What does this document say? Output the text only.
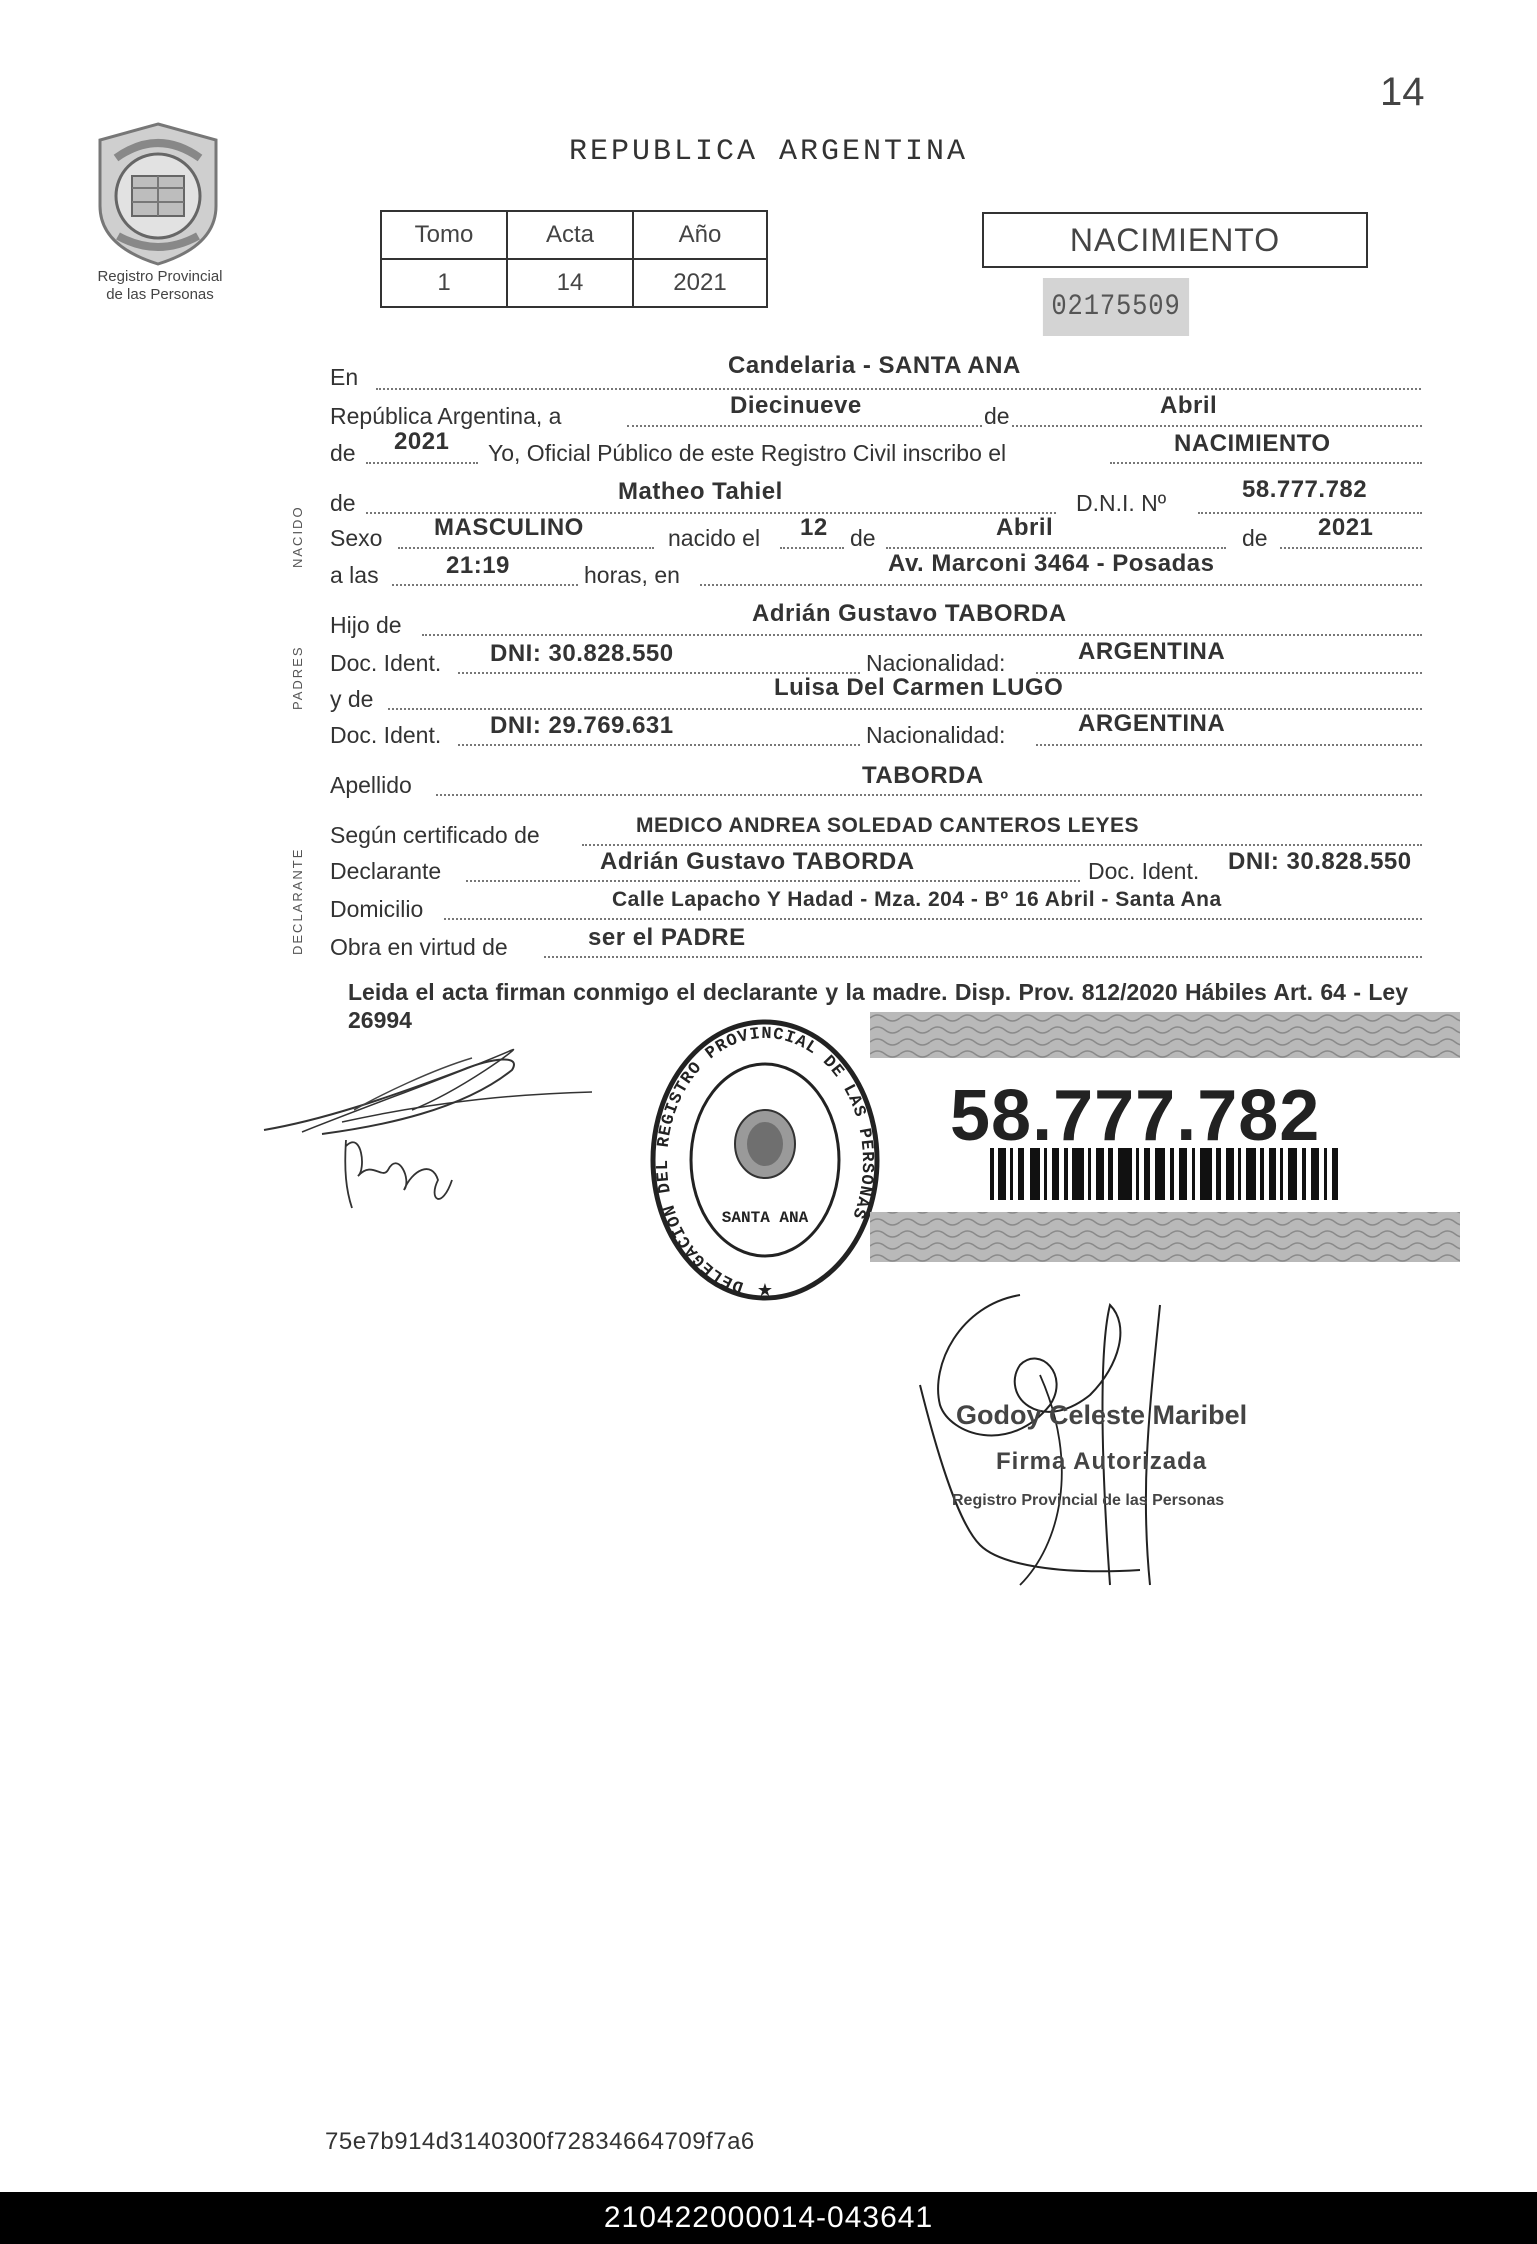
14
Registro Provincial
de las Personas
REPUBLICA ARGENTINA
Tomo	Acta	Año
1	14	2021
NACIMIENTO
02175509
NACIDO
PADRES
DECLARANTE
En	Candelaria - SANTA ANA
República Argentina, a	Diecinueve	de	Abril
de 2021 Yo, Oficial Público de este Registro Civil inscribo el	NACIMIENTO
de	Matheo Tahiel	D.N.I. Nº	58.777.782
Sexo MASCULINO	nacido el 12 de	Abril	de 2021
a las	21:19	horas, en	Av. Marconi 3464 - Posadas
Hijo de	Adrián Gustavo TABORDA
Doc. Ident. DNI: 30.828.550	Nacionalidad:	ARGENTINA
y de	Luisa Del Carmen LUGO
Doc. Ident. DNI: 29.769.631	Nacionalidad:	ARGENTINA
Apellido	TABORDA
Según certificado de	MEDICO ANDREA SOLEDAD CANTEROS LEYES
Declarante	Adrián Gustavo TABORDA	Doc. Ident. DNI: 30.828.550
Domicilio	Calle Lapacho Y Hadad - Mza. 204 - Bº 16 Abril - Santa Ana
Obra en virtud de	ser el PADRE
Leida el acta firman conmigo el declarante y la madre. Disp. Prov. 812/2020 Hábiles Art. 64 - Ley 26994
DELEGACION DEL REGISTRO PROVINCIAL DE LAS PERSONAS
SANTA ANA
★
58.777.782
Godoy Celeste Maribel
Firma Autorizada
Registro Provincial de las Personas
75e7b914d3140300f72834664709f7a6
210422000014-043641
